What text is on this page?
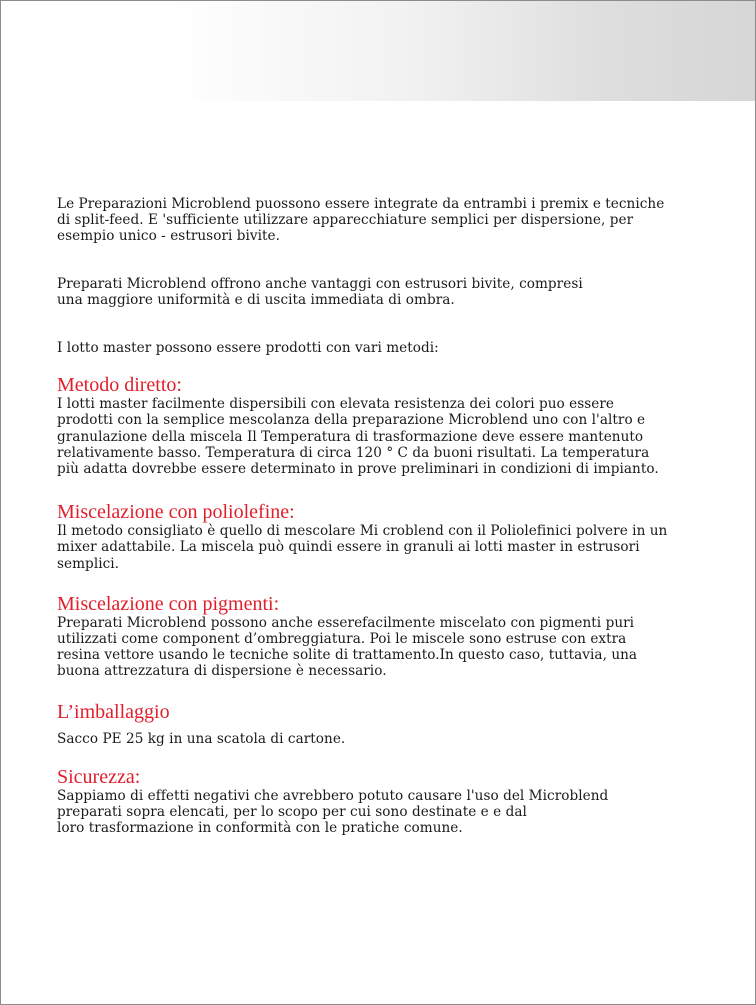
Le Preparazioni Microblend puossono essere integrate da entrambi i premix e tecniche
di split-feed. E 'sufficiente utilizzare apparecchiature semplici per dispersione, per
esempio unico - estrusori bivite.

Preparati Microblend offrono anche vantaggi con estrusori bivite, compresi
una maggiore uniformità e di uscita immediata di ombra.

I lotto master possono essere prodotti con vari metodi:

Metodo diretto:

I lotti master facilmente dispersibili con elevata resistenza dei colori puo essere
prodotti con la semplice mescolanza della preparazione Microblend uno con l'altro e
granulazione della miscela Il Temperatura di trasformazione deve essere mantenuto
relativamente basso. Temperatura di circa 120 ° C da buoni risultati. La temperatura
più adatta dovrebbe essere determinato in prove preliminari in condizioni di impianto.

Miscelazione con poliolefine:

Il metodo consigliato è quello di mescolare Mi croblend con il Poliolefinici polvere in un
mixer adattabile. La miscela può quindi essere in granuli ai lotti master in estrusori
semplici.

Miscelazione con pigmenti:

Preparati Microblend possono anche esserefacilmente miscelato con pigmenti puri
utilizzati come component d’ombreggiatura. Poi le miscele sono estruse con extra
resina vettore usando le tecniche solite di trattamento.In questo caso, tuttavia, una
buona attrezzatura di dispersione è necessario.

L’imballaggio

Sacco PE 25 kg in una scatola di cartone.

Sicurezza:

Sappiamo di effetti negativi che avrebbero potuto causare l'uso del Microblend
preparati sopra elencati, per lo scopo per cui sono destinate e e dal
loro trasformazione in conformità con le pratiche comune.
